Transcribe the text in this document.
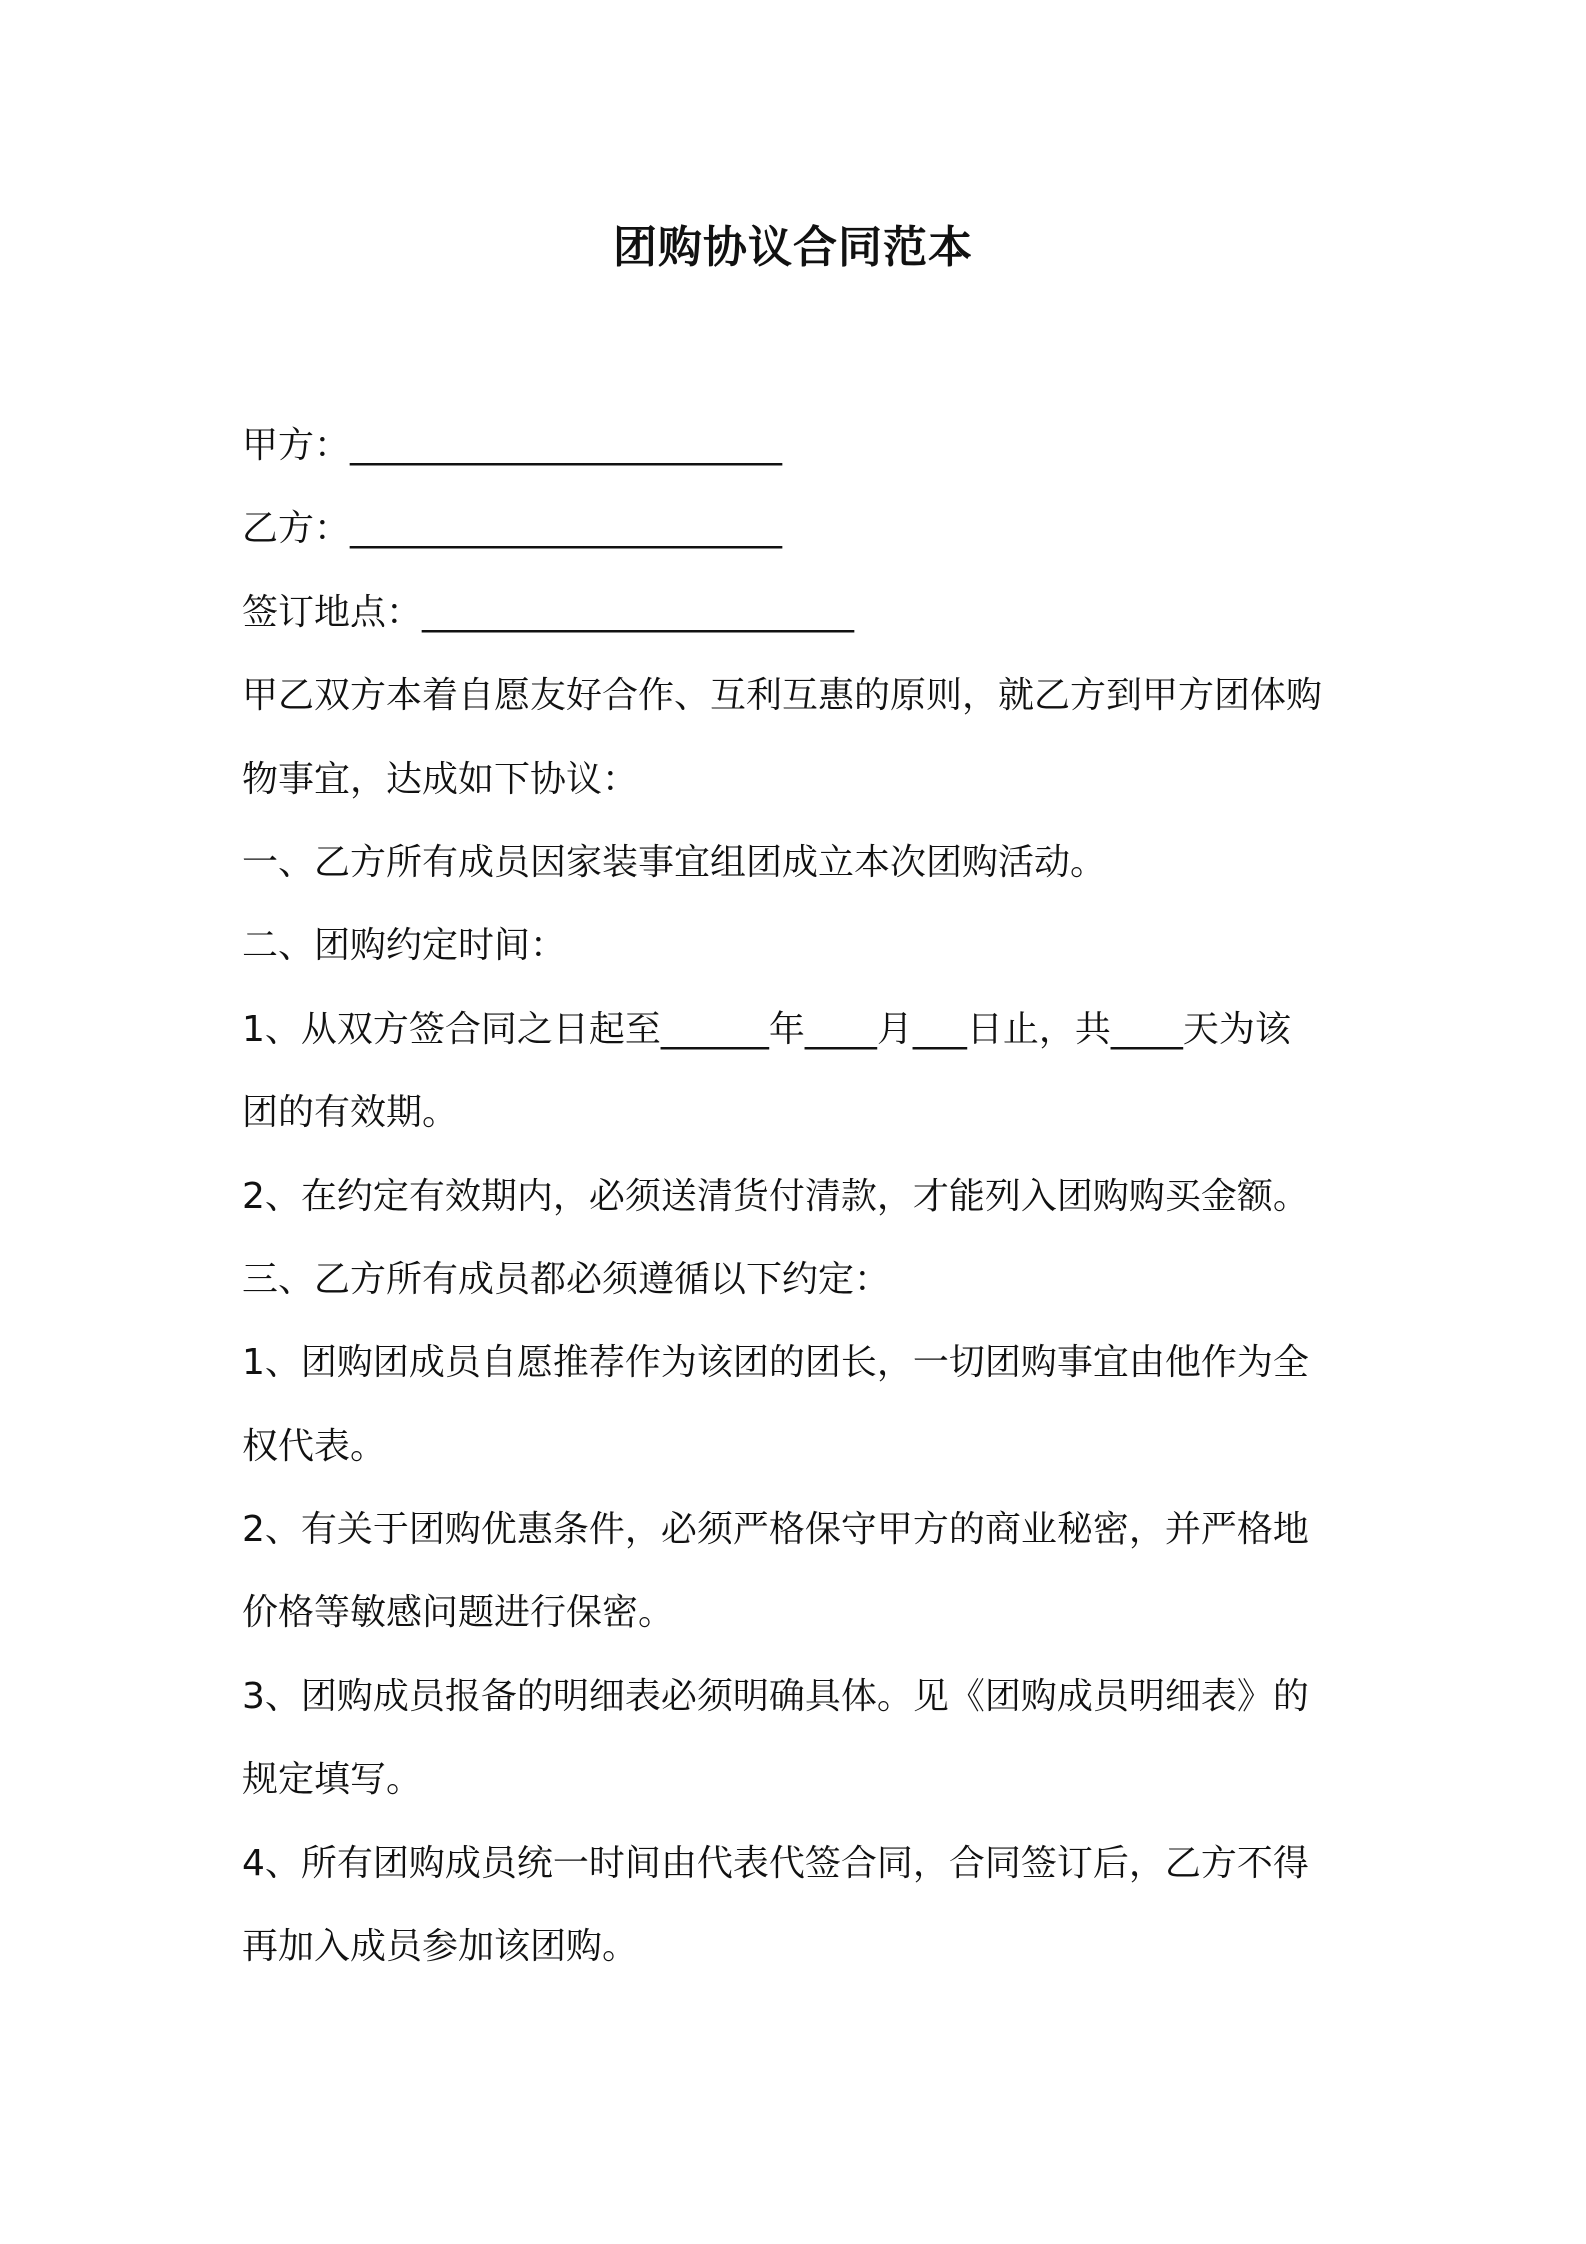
团购协议合同范本
甲方：________________________
乙方：________________________
签订地点：________________________
甲乙双方本着自愿友好合作、互利互惠的原则，就乙方到甲方团体购
物事宜，达成如下协议：
一、乙方所有成员因家装事宜组团成立本次团购活动。
二、团购约定时间：
1、从双方签合同之日起至______年____月___日止，共____天为该
团的有效期。
2、在约定有效期内，必须送清货付清款，才能列入团购购买金额。
三、乙方所有成员都必须遵循以下约定：
1、团购团成员自愿推荐作为该团的团长，一切团购事宜由他作为全
权代表。
2、有关于团购优惠条件，必须严格保守甲方的商业秘密，并严格地
价格等敏感问题进行保密。
3、团购成员报备的明细表必须明确具体。见《团购成员明细表》的
规定填写。
4、所有团购成员统一时间由代表代签合同，合同签订后，乙方不得
再加入成员参加该团购。
